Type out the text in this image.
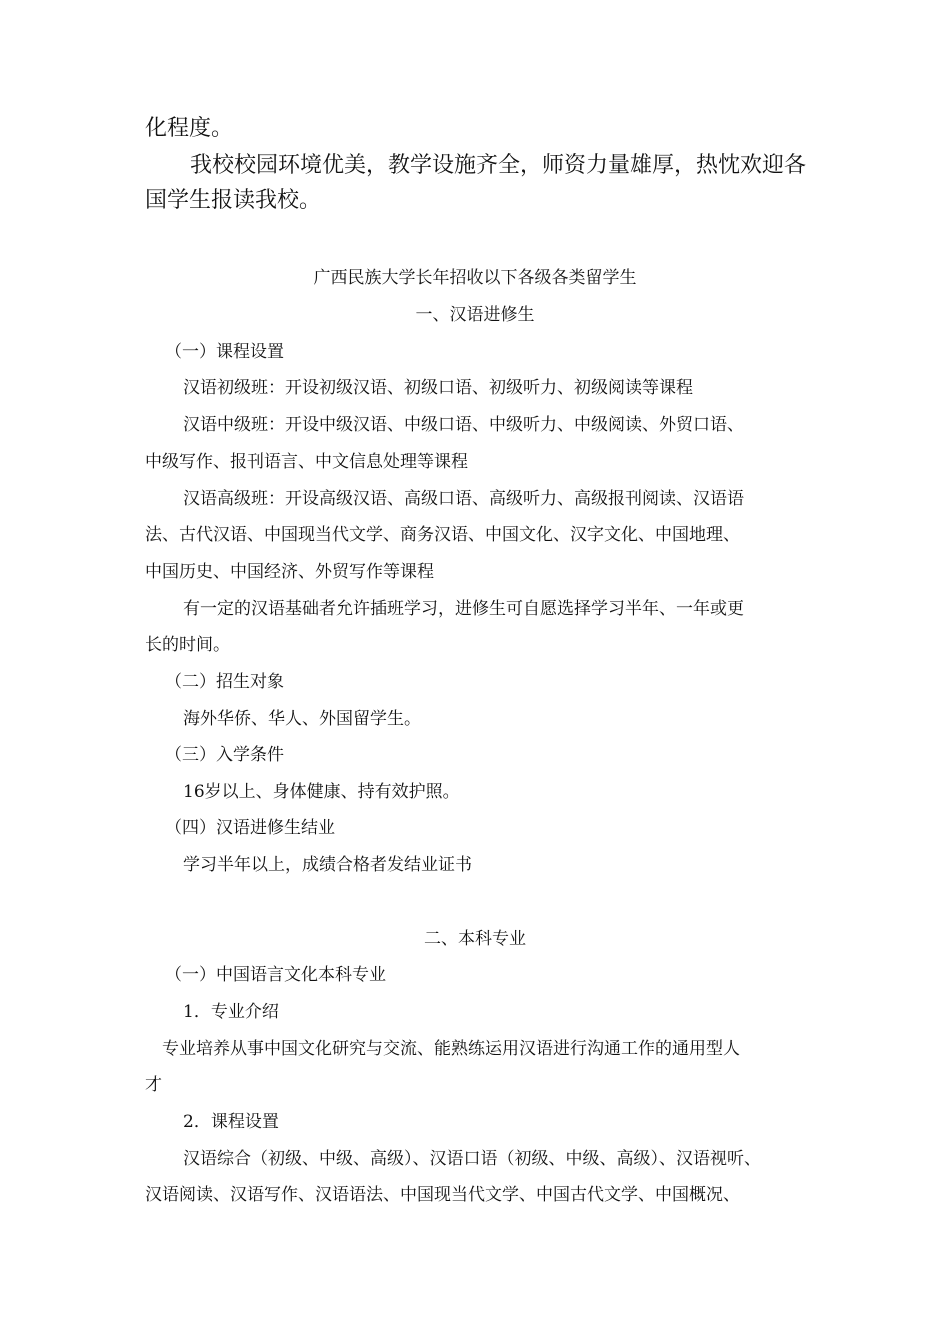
化程度。

我校校园环境优美，教学设施齐全，师资力量雄厚，热忱欢迎各

国学生报读我校。

广西民族大学长年招收以下各级各类留学生

一、汉语进修生

（一）课程设置

汉语初级班：开设初级汉语、初级口语、初级听力、初级阅读等课程

汉语中级班：开设中级汉语、中级口语、中级听力、中级阅读、外贸口语、

中级写作、报刊语言、中文信息处理等课程

汉语高级班：开设高级汉语、高级口语、高级听力、高级报刊阅读、汉语语

法、古代汉语、中国现当代文学、商务汉语、中国文化、汉字文化、中国地理、

中国历史、中国经济、外贸写作等课程

有一定的汉语基础者允许插班学习，进修生可自愿选择学习半年、一年或更

长的时间。

（二）招生对象

海外华侨、华人、外国留学生。

（三）入学条件

16岁以上、身体健康、持有效护照。

（四）汉语进修生结业

学习半年以上，成绩合格者发结业证书

二、本科专业

（一）中国语言文化本科专业

1．专业介绍

专业培养从事中国文化研究与交流、能熟练运用汉语进行沟通工作的通用型人

才

2．课程设置

汉语综合（初级、中级、高级）、汉语口语（初级、中级、高级）、汉语视听、

汉语阅读、汉语写作、汉语语法、中国现当代文学、中国古代文学、中国概况、
